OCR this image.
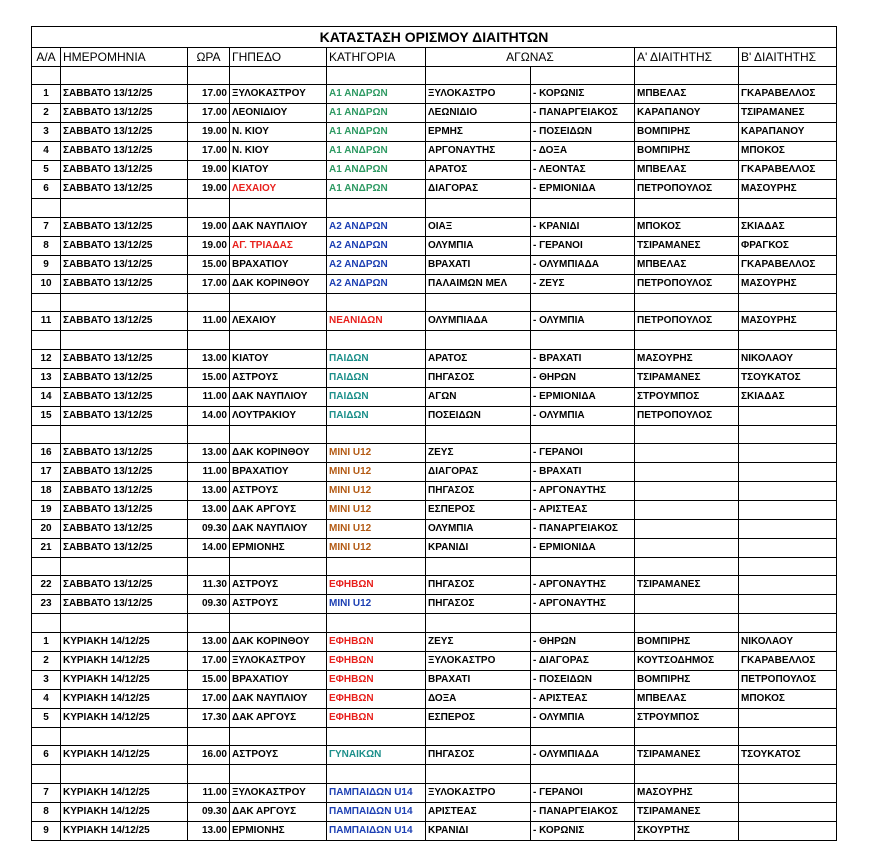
ΚΑΤΑΣΤΑΣΗ ΟΡΙΣΜΟΥ ΔΙΑΙΤΗΤΩΝ								
Α/Α	ΗΜΕΡΟΜΗΝΙΑ	ΩΡΑ	ΓΗΠΕΔΟ	ΚΑΤΗΓΟΡΙΑ	ΑΓΩΝΑΣ		Α' ΔΙΑΙΤΗΤΗΣ	Β' ΔΙΑΙΤΗΤΗΣ

1	ΣΑΒΒΑΤΟ 13/12/25	17.00	ΞΥΛΟΚΑΣΤΡΟΥ	Α1 ΑΝΔΡΩΝ	ΞΥΛΟΚΑΣΤΡΟ	- ΚΟΡΩΝΙΣ	ΜΠΒΕΛΑΣ	ΓΚΑΡΑΒΕΛΛΟΣ
2	ΣΑΒΒΑΤΟ 13/12/25	17.00	ΛΕΟΝΙΔΙΟΥ	Α1 ΑΝΔΡΩΝ	ΛΕΩΝΙΔΙΟ	- ΠΑΝΑΡΓΕΙΑΚΟΣ	ΚΑΡΑΠΑΝΟΥ	ΤΣΙΡΑΜΑΝΕΣ
3	ΣΑΒΒΑΤΟ 13/12/25	19.00	Ν. ΚΙΟΥ	Α1 ΑΝΔΡΩΝ	ΕΡΜΗΣ	- ΠΟΣΕΙΔΩΝ	ΒΟΜΠΙΡΗΣ	ΚΑΡΑΠΑΝΟΥ
4	ΣΑΒΒΑΤΟ 13/12/25	17.00	Ν. ΚΙΟΥ	Α1 ΑΝΔΡΩΝ	ΑΡΓΟΝΑΥΤΗΣ	- ΔΟΞΑ	ΒΟΜΠΙΡΗΣ	ΜΠΟΚΟΣ
5	ΣΑΒΒΑΤΟ 13/12/25	19.00	ΚΙΑΤΟΥ	Α1 ΑΝΔΡΩΝ	ΑΡΑΤΟΣ	- ΛΕΟΝΤΑΣ	ΜΠΒΕΛΑΣ	ΓΚΑΡΑΒΕΛΛΟΣ
6	ΣΑΒΒΑΤΟ 13/12/25	19.00	ΛΕΧΑΙΟΥ	Α1 ΑΝΔΡΩΝ	ΔΙΑΓΟΡΑΣ	- ΕΡΜΙΟΝΙΔΑ	ΠΕΤΡΟΠΟΥΛΟΣ	ΜΑΣΟΥΡΗΣ

7	ΣΑΒΒΑΤΟ 13/12/25	19.00	ΔΑΚ ΝΑΥΠΛΙΟΥ	Α2 ΑΝΔΡΩΝ	ΟΙΑΞ	- ΚΡΑΝΙΔΙ	ΜΠΟΚΟΣ	ΣΚΙΑΔΑΣ
8	ΣΑΒΒΑΤΟ 13/12/25	19.00	ΑΓ. ΤΡΙΑΔΑΣ	Α2 ΑΝΔΡΩΝ	ΟΛΥΜΠΙΑ	- ΓΕΡΑΝΟΙ	ΤΣΙΡΑΜΑΝΕΣ	ΦΡΑΓΚΟΣ
9	ΣΑΒΒΑΤΟ 13/12/25	15.00	ΒΡΑΧΑΤΙΟΥ	Α2 ΑΝΔΡΩΝ	ΒΡΑΧΑΤΙ	- ΟΛΥΜΠΙΑΔΑ	ΜΠΒΕΛΑΣ	ΓΚΑΡΑΒΕΛΛΟΣ
10	ΣΑΒΒΑΤΟ 13/12/25	17.00	ΔΑΚ ΚΟΡΙΝΘΟΥ	Α2 ΑΝΔΡΩΝ	ΠΑΛΑΙΜΩΝ ΜΕΛ	- ΖΕΥΣ	ΠΕΤΡΟΠΟΥΛΟΣ	ΜΑΣΟΥΡΗΣ

11	ΣΑΒΒΑΤΟ 13/12/25	11.00	ΛΕΧΑΙΟΥ	ΝΕΑΝΙΔΩΝ	ΟΛΥΜΠΙΑΔΑ	- ΟΛΥΜΠΙΑ	ΠΕΤΡΟΠΟΥΛΟΣ	ΜΑΣΟΥΡΗΣ

12	ΣΑΒΒΑΤΟ 13/12/25	13.00	ΚΙΑΤΟΥ	ΠΑΙΔΩΝ	ΑΡΑΤΟΣ	- ΒΡΑΧΑΤΙ	ΜΑΣΟΥΡΗΣ	ΝΙΚΟΛΑΟΥ
13	ΣΑΒΒΑΤΟ 13/12/25	15.00	ΑΣΤΡΟΥΣ	ΠΑΙΔΩΝ	ΠΗΓΑΣΟΣ	- ΘΗΡΩΝ	ΤΣΙΡΑΜΑΝΕΣ	ΤΣΟΥΚΑΤΟΣ
14	ΣΑΒΒΑΤΟ 13/12/25	11.00	ΔΑΚ ΝΑΥΠΛΙΟΥ	ΠΑΙΔΩΝ	ΑΓΩΝ	- ΕΡΜΙΟΝΙΔΑ	ΣΤΡΟΥΜΠΟΣ	ΣΚΙΑΔΑΣ
15	ΣΑΒΒΑΤΟ 13/12/25	14.00	ΛΟΥΤΡΑΚΙΟΥ	ΠΑΙΔΩΝ	ΠΟΣΕΙΔΩΝ	- ΟΛΥΜΠΙΑ	ΠΕΤΡΟΠΟΥΛΟΣ	

16	ΣΑΒΒΑΤΟ 13/12/25	13.00	ΔΑΚ ΚΟΡΙΝΘΟΥ	ΜΙΝΙ U12	ΖΕΥΣ	- ΓΕΡΑΝΟΙ		
17	ΣΑΒΒΑΤΟ 13/12/25	11.00	ΒΡΑΧΑΤΙΟΥ	ΜΙΝΙ U12	ΔΙΑΓΟΡΑΣ	- ΒΡΑΧΑΤΙ		
18	ΣΑΒΒΑΤΟ 13/12/25	13.00	ΑΣΤΡΟΥΣ	ΜΙΝΙ U12	ΠΗΓΑΣΟΣ	- ΑΡΓΟΝΑΥΤΗΣ		
19	ΣΑΒΒΑΤΟ 13/12/25	13.00	ΔΑΚ ΑΡΓΟΥΣ	ΜΙΝΙ U12	ΕΣΠΕΡΟΣ	- ΑΡΙΣΤΕΑΣ		
20	ΣΑΒΒΑΤΟ 13/12/25	09.30	ΔΑΚ ΝΑΥΠΛΙΟΥ	ΜΙΝΙ U12	ΟΛΥΜΠΙΑ	- ΠΑΝΑΡΓΕΙΑΚΟΣ		
21	ΣΑΒΒΑΤΟ 13/12/25	14.00	ΕΡΜΙΟΝΗΣ	ΜΙΝΙ U12	ΚΡΑΝΙΔΙ	- ΕΡΜΙΟΝΙΔΑ		

22	ΣΑΒΒΑΤΟ 13/12/25	11.30	ΑΣΤΡΟΥΣ	ΕΦΗΒΩΝ	ΠΗΓΑΣΟΣ	- ΑΡΓΟΝΑΥΤΗΣ	ΤΣΙΡΑΜΑΝΕΣ	
23	ΣΑΒΒΑΤΟ 13/12/25	09.30	ΑΣΤΡΟΥΣ	ΜΙΝΙ U12	ΠΗΓΑΣΟΣ	- ΑΡΓΟΝΑΥΤΗΣ		

1	ΚΥΡΙΑΚΗ 14/12/25	13.00	ΔΑΚ ΚΟΡΙΝΘΟΥ	ΕΦΗΒΩΝ	ΖΕΥΣ	- ΘΗΡΩΝ	ΒΟΜΠΙΡΗΣ	ΝΙΚΟΛΑΟΥ
2	ΚΥΡΙΑΚΗ 14/12/25	17.00	ΞΥΛΟΚΑΣΤΡΟΥ	ΕΦΗΒΩΝ	ΞΥΛΟΚΑΣΤΡΟ	- ΔΙΑΓΟΡΑΣ	ΚΟΥΤΣΟΔΗΜΟΣ	ΓΚΑΡΑΒΕΛΛΟΣ
3	ΚΥΡΙΑΚΗ 14/12/25	15.00	ΒΡΑΧΑΤΙΟΥ	ΕΦΗΒΩΝ	ΒΡΑΧΑΤΙ	- ΠΟΣΕΙΔΩΝ	ΒΟΜΠΙΡΗΣ	ΠΕΤΡΟΠΟΥΛΟΣ
4	ΚΥΡΙΑΚΗ 14/12/25	17.00	ΔΑΚ ΝΑΥΠΛΙΟΥ	ΕΦΗΒΩΝ	ΔΟΞΑ	- ΑΡΙΣΤΕΑΣ	ΜΠΒΕΛΑΣ	ΜΠΟΚΟΣ
5	ΚΥΡΙΑΚΗ 14/12/25	17.30	ΔΑΚ ΑΡΓΟΥΣ	ΕΦΗΒΩΝ	ΕΣΠΕΡΟΣ	- ΟΛΥΜΠΙΑ	ΣΤΡΟΥΜΠΟΣ	

6	ΚΥΡΙΑΚΗ 14/12/25	16.00	ΑΣΤΡΟΥΣ	ΓΥΝΑΙΚΩΝ	ΠΗΓΑΣΟΣ	- ΟΛΥΜΠΙΑΔΑ	ΤΣΙΡΑΜΑΝΕΣ	ΤΣΟΥΚΑΤΟΣ

7	ΚΥΡΙΑΚΗ 14/12/25	11.00	ΞΥΛΟΚΑΣΤΡΟΥ	ΠΑΜΠΑΙΔΩΝ U14	ΞΥΛΟΚΑΣΤΡΟ	- ΓΕΡΑΝΟΙ	ΜΑΣΟΥΡΗΣ	
8	ΚΥΡΙΑΚΗ 14/12/25	09.30	ΔΑΚ ΑΡΓΟΥΣ	ΠΑΜΠΑΙΔΩΝ U14	ΑΡΙΣΤΕΑΣ	- ΠΑΝΑΡΓΕΙΑΚΟΣ	ΤΣΙΡΑΜΑΝΕΣ	
9	ΚΥΡΙΑΚΗ 14/12/25	13.00	ΕΡΜΙΟΝΗΣ	ΠΑΜΠΑΙΔΩΝ U14	ΚΡΑΝΙΔΙ	- ΚΟΡΩΝΙΣ	ΣΚΟΥΡΤΗΣ	
